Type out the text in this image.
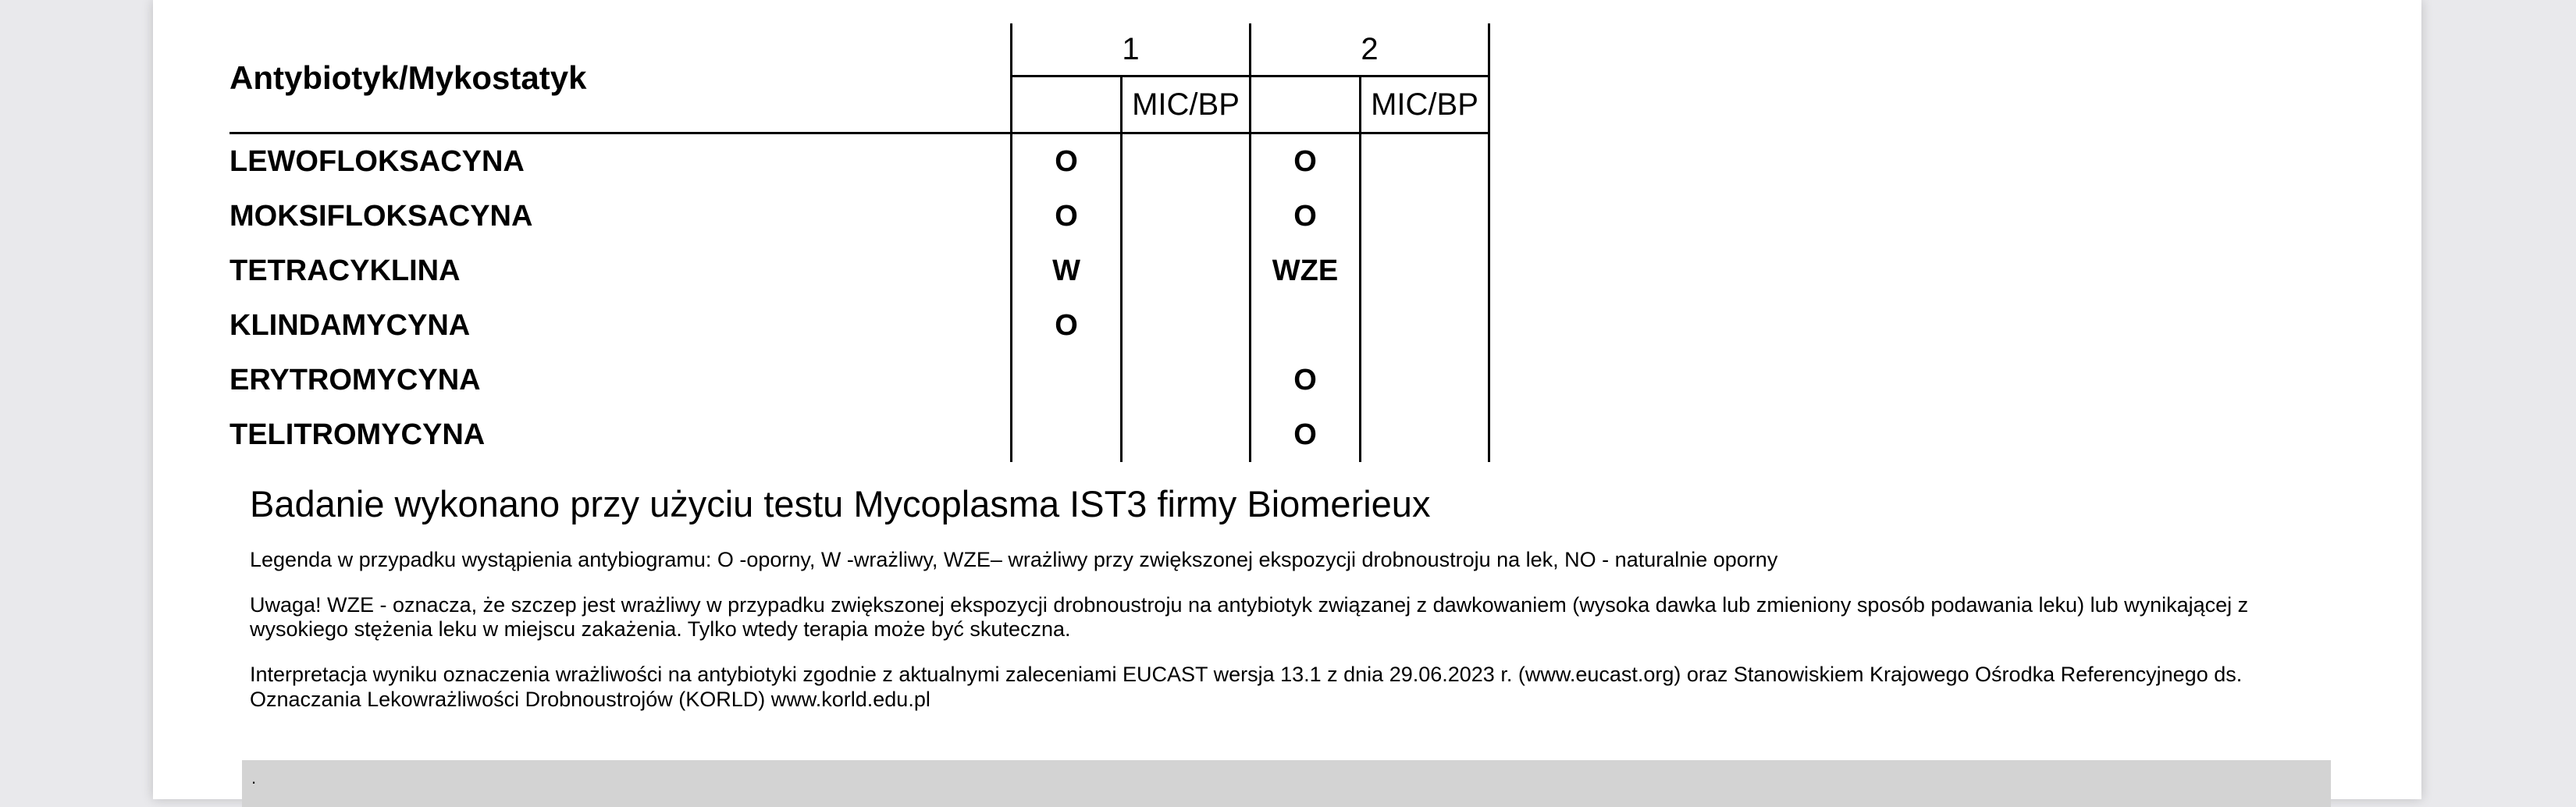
Antybiotyk/Mykostatyk	1		2	
		MIC/BP		MIC/BP
LEWOFLOKSACYNA	O		O	
MOKSIFLOKSACYNA	O		O	
TETRACYKLINA	W		WZE	
KLINDAMYCYNA	O			
ERYTROMYCYNA			O	
TELITROMYCYNA			O	

Badanie wykonano przy użyciu testu Mycoplasma IST3 firmy Biomerieux

Legenda w przypadku wystąpienia antybiogramu: O -oporny, W -wrażliwy, WZE– wrażliwy przy zwiększonej ekspozycji drobnoustroju na lek, NO - naturalnie oporny

Uwaga! WZE - oznacza, że szczep jest wrażliwy w przypadku zwiększonej ekspozycji drobnoustroju na antybiotyk związanej z dawkowaniem (wysoka dawka lub zmieniony sposób podawania leku) lub wynikającej z wysokiego stężenia leku w miejscu zakażenia. Tylko wtedy terapia może być skuteczna.

Interpretacja wyniku oznaczenia wrażliwości na antybiotyki zgodnie z aktualnymi zaleceniami EUCAST wersja 13.1 z dnia 29.06.2023 r. (www.eucast.org) oraz Stanowiskiem Krajowego Ośrodka Referencyjnego ds. Oznaczania Lekowrażliwości Drobnoustrojów (KORLD) www.korld.edu.pl

.
